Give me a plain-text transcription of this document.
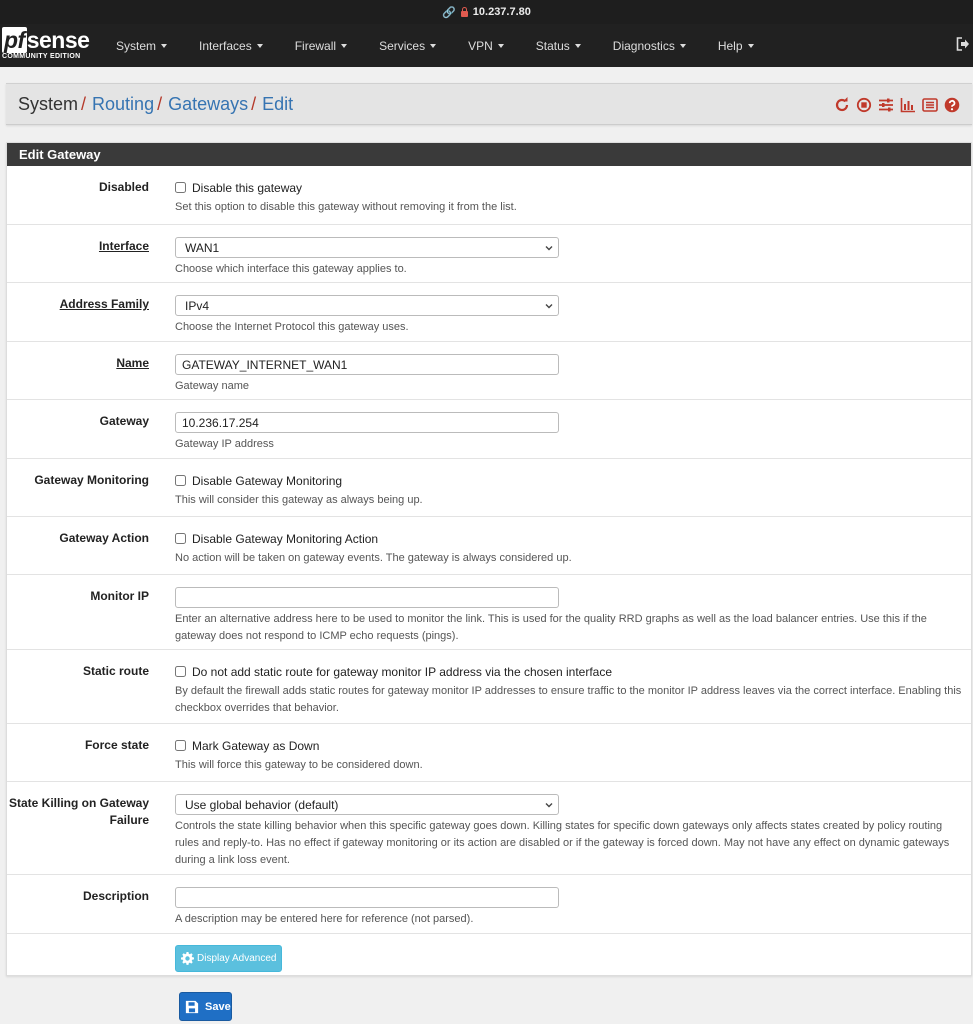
🔗 10.237.7.80
pfsense
COMMUNITY EDITION
System	Interfaces	Firewall	Services	VPN	Status	Diagnostics	Help
System / Routing / Gateways / Edit
Edit Gateway
Disabled	Disable this gateway
Set this option to disable this gateway without removing it from the list.
Interface	WAN1
Choose which interface this gateway applies to.
Address Family	IPv4
Choose the Internet Protocol this gateway uses.
Name	GATEWAY_INTERNET_WAN1
Gateway name
Gateway	10.236.17.254
Gateway IP address
Gateway Monitoring	Disable Gateway Monitoring
This will consider this gateway as always being up.
Gateway Action	Disable Gateway Monitoring Action
No action will be taken on gateway events. The gateway is always considered up.
Monitor IP
Enter an alternative address here to be used to monitor the link. This is used for the quality RRD graphs as well as the load balancer entries. Use this if the gateway does not respond to ICMP echo requests (pings).
Static route	Do not add static route for gateway monitor IP address via the chosen interface
By default the firewall adds static routes for gateway monitor IP addresses to ensure traffic to the monitor IP address leaves via the correct interface. Enabling this checkbox overrides that behavior.
Force state	Mark Gateway as Down
This will force this gateway to be considered down.
State Killing on Gateway
Failure
Use global behavior (default)
Controls the state killing behavior when this specific gateway goes down. Killing states for specific down gateways only affects states created by policy routing rules and reply-to. Has no effect if gateway monitoring or its action are disabled or if the gateway is forced down. May not have any effect on dynamic gateways during a link loss event.
Description
A description may be entered here for reference (not parsed).
Display Advanced
Save
